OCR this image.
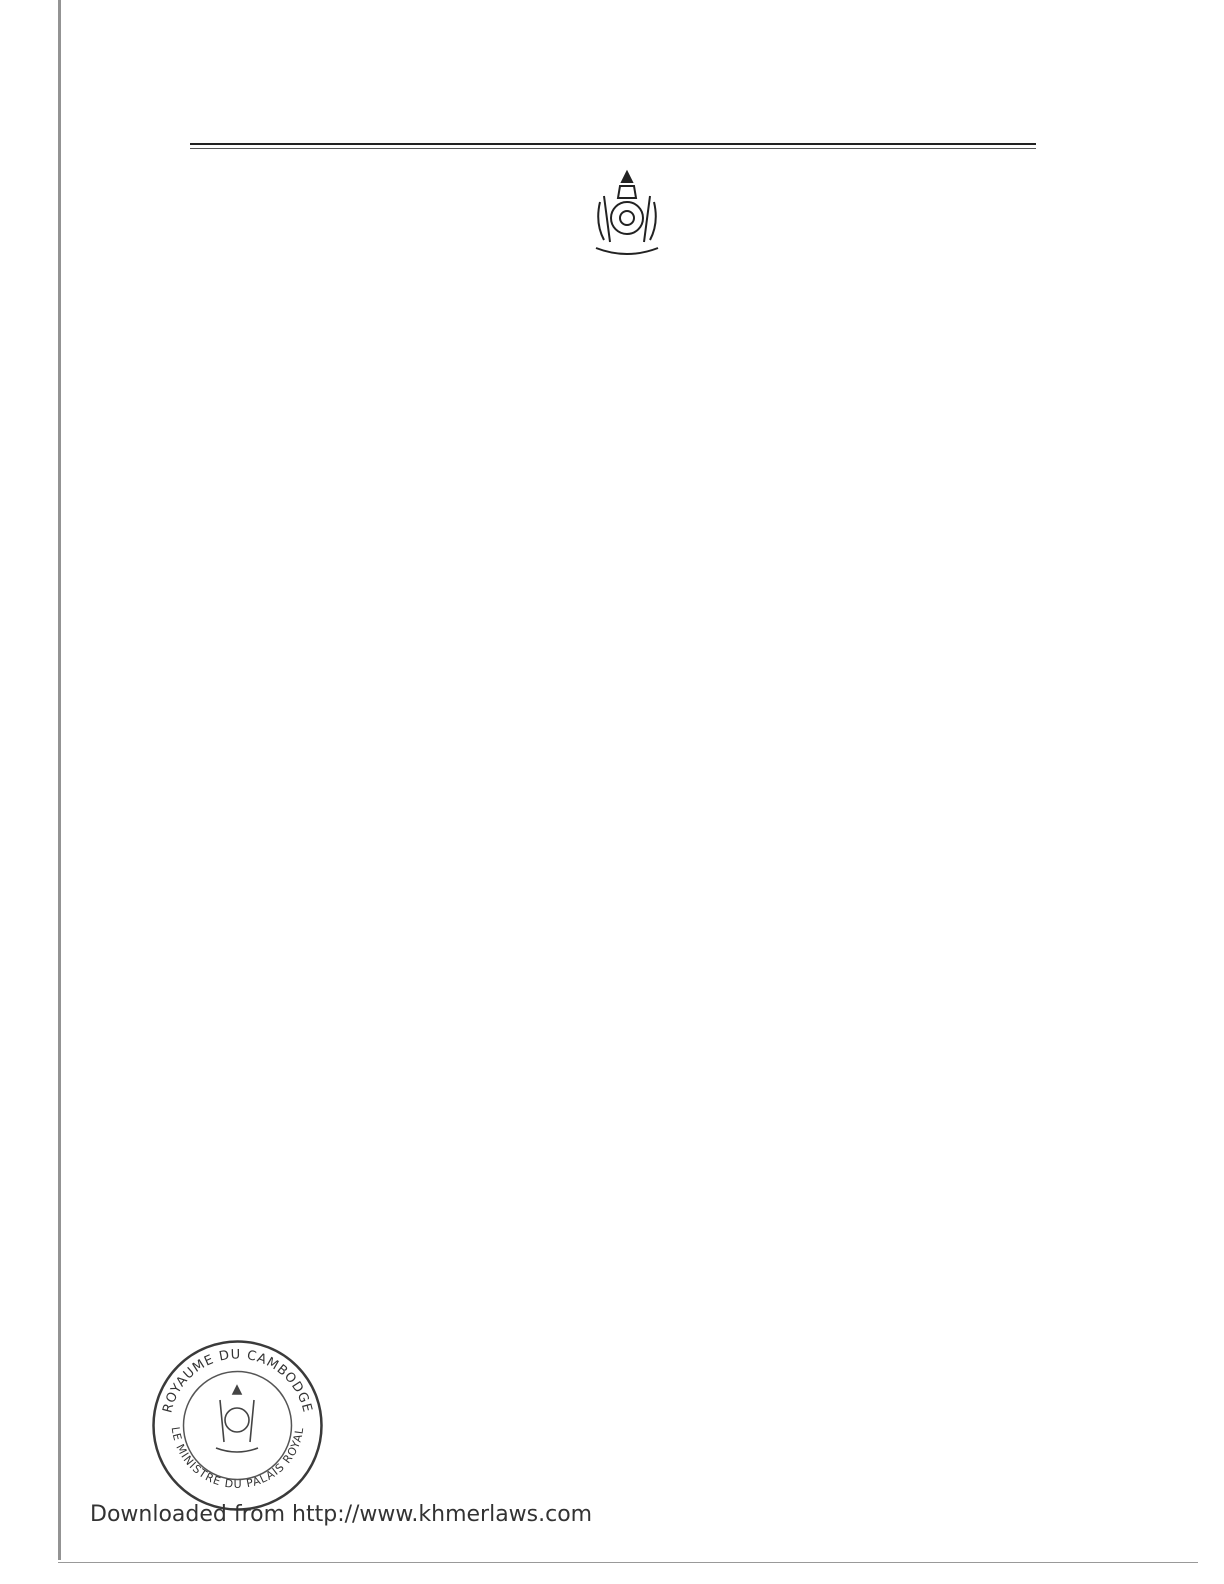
ROYAUME DU CAMBODGE
LE MINISTRE DU PALAIS ROYAL
Downloaded from http://www.khmerlaws.com
